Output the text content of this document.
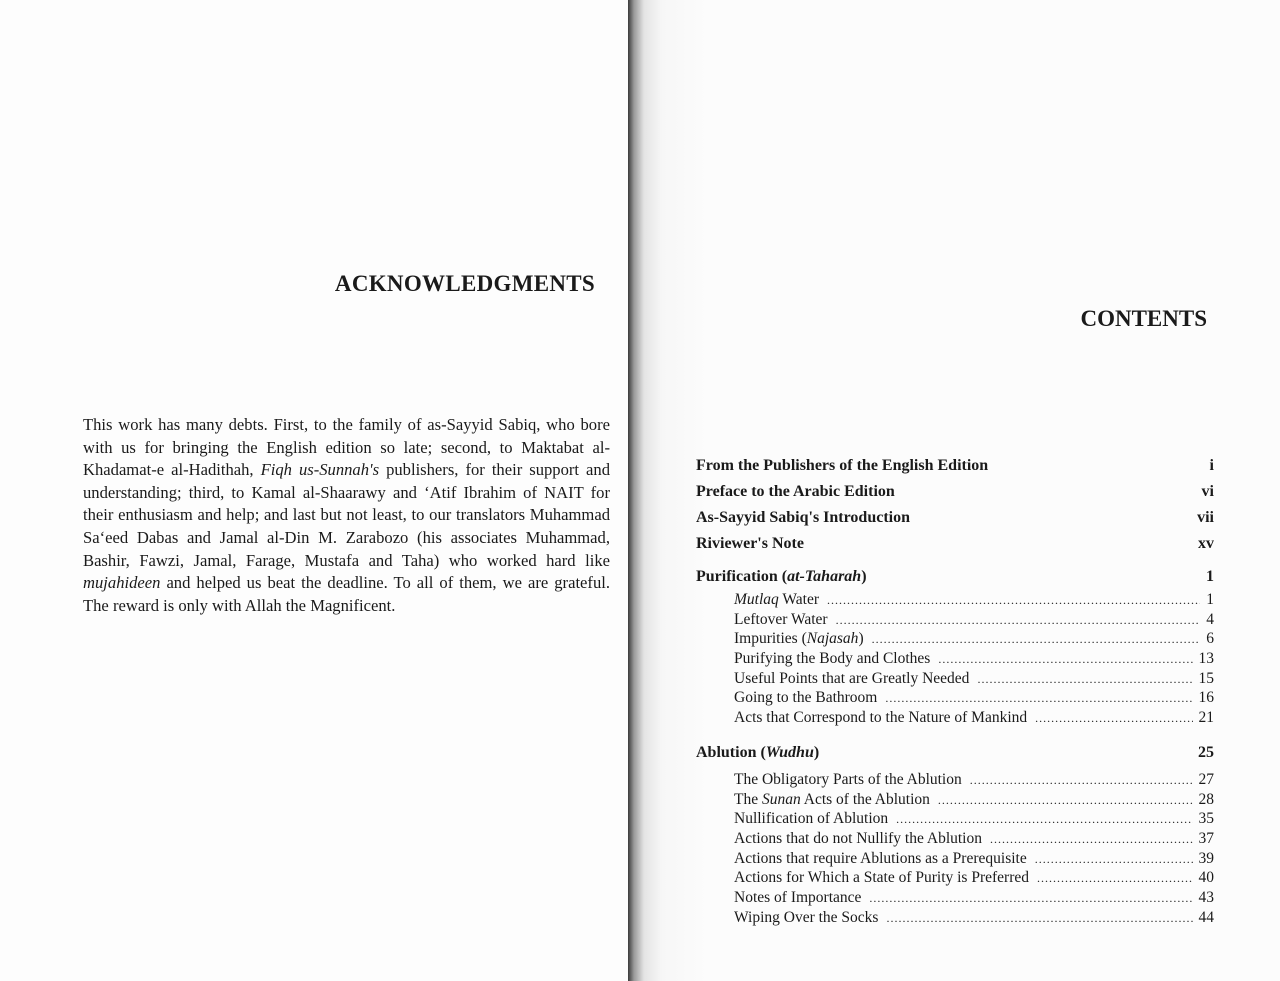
ACKNOWLEDGMENTS
This work has many debts. First, to the family of as-Sayyid Sabiq, who bore with us for bringing the English edition so late; second, to Maktabat al-Khadamat-e al-Hadithah, Fiqh us-Sunnah's publishers, for their support and understanding; third, to Kamal al-Shaarawy and ‘Atif Ibrahim of NAIT for their enthusiasm and help; and last but not least, to our translators Muhammad Sa‘eed Dabas and Jamal al-Din M. Zarabozo (his associates Muhammad, Bashir, Fawzi, Jamal, Farage, Mustafa and Taha) who worked hard like mujahideen and helped us beat the deadline. To all of them, we are grateful. The reward is only with Allah the Magnificent.
CONTENTS
From the Publishers of the English Edition	i
Preface to the Arabic Edition	vi
As-Sayyid Sabiq's Introduction	vii
Riviewer's Note	xv
Purification (at-Taharah)	1
Mutlaq Water .....	1
Leftover Water .....	4
Impurities (Najasah) .....	6
Purifying the Body and Clothes .....	13
Useful Points that are Greatly Needed .....	15
Going to the Bathroom .....	16
Acts that Correspond to the Nature of Mankind .....	21
Ablution (Wudhu)	25
The Obligatory Parts of the Ablution .....	27
The Sunan Acts of the Ablution .....	28
Nullification of Ablution .....	35
Actions that do not Nullify the Ablution .....	37
Actions that require Ablutions as a Prerequisite .....	39
Actions for Which a State of Purity is Preferred .....	40
Notes of Importance .....	43
Wiping Over the Socks .....	44
